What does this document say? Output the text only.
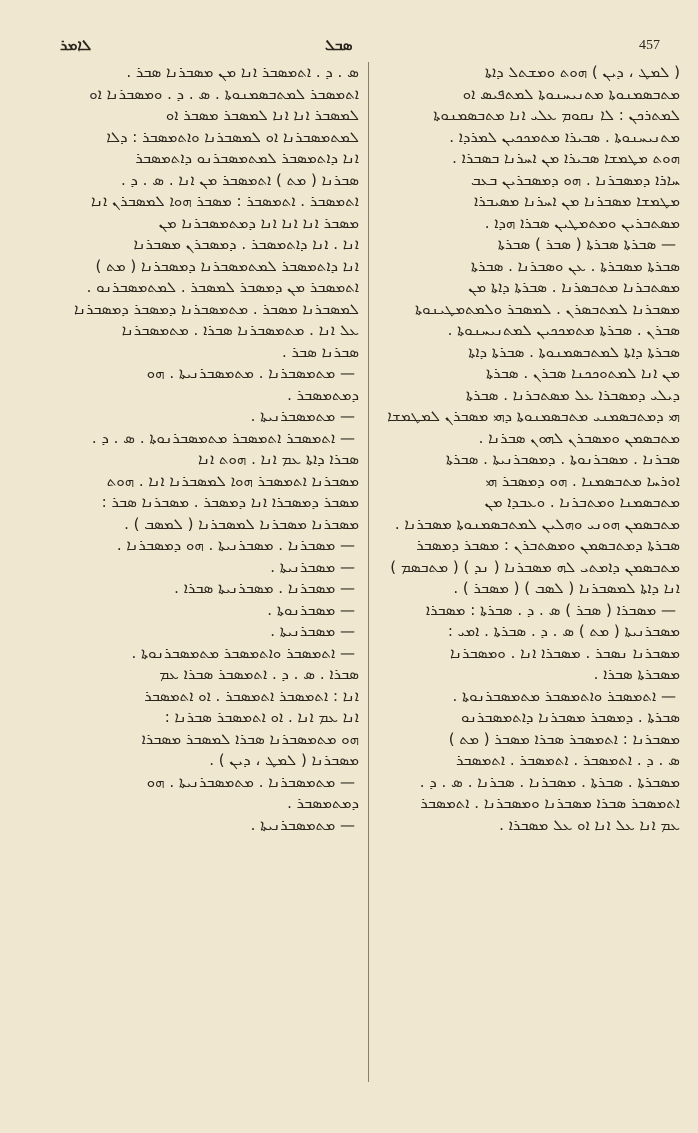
ܠܐܡܪ	ܣܒܠ	457
ܣ . ܕ . ܐܬܡܣܒܪ ܐܢܐ ܡܢ ܡܣܒܪܢܐ ܣܒܪ .
ܐܬܡܣܒܪ ܠܡܬܒܣܡܢܘܬܐ . ܣ . ܕ . ܘܡܣܒܪܢܐ ܐܘ
ܠܡܣܒܪ ܐܢܐ ܐܢܐ ܠܡܣܒܪ ܡܣܒܪ ܐܘ
ܠܡܬܡܣܒܪܢܐ ܐܘ ܠܡܣܒܪܢܐ ܘܐܬܡܣܒܪ : ܕܠܐ
ܐܢܐ ܕܐܬܡܣܒܪ ܠܡܬܡܣܒܪܢܘ ܕܐܬܡܣܒܪ
ܣܒܪܢܐ ( ܡܬ ) ܐܬܡܣܒܪ ܡܢ ܐܢܐ . ܣ . ܕ .
ܐܬܡܣܒܪ . ܐܬܡܣܒܪ : ܡܣܒܪ ܗܘܐ ܠܡܣܒܪܢ ܐܢܐ
ܡܣܒܪ ܐܢܐ ܐܢܐ ܐܢܐ ܕܡܬܡܣܒܪܢܐ ܡܢ
ܐܢܐ . ܐܢܐ ܕܐܬܡܣܒܪ . ܕܡܣܒܪܢ ܡܣܒܪܢܐ
ܐܢܐ ܕܐܬܡܣܒܪ ܠܡܬܡܣܒܪܢܐ ܕܡܣܒܪܢܐ ( ܡܬ )
ܐܬܡܣܒܪ ܡܢ ܕܡܣܒܪ ܠܡܣܒܪ . ܠܡܬܡܣܒܪܢܘ .
ܠܡܣܒܪܢܐ ܡܣܒܪ . ܡܬܡܣܒܪܢܐ ܕܡܣܒܪ ܕܡܣܒܪܢܐ
ܥܠ ܐܢܐ . ܡܬܡܣܒܪܢܐ ܣܒܪܐ . ܡܬܡܣܒܪܢܐ
ܣܒܪܢܐ ܣܒܪ .
— ܡܬܡܣܒܪܢܐ . ܡܬܡܣܒܪܢܝܬܐ . ܗܘ
ܕܡܬܡܣܒܪ .
— ܡܬܡܣܒܪܢܝܬܐ .
— ܐܬܡܣܒܪ ܐܬܡܣܒܪ ܡܬܡܣܒܪܢܘܬܐ . ܣ . ܕ .
ܣܒܪܐ ܕܐܬܐ ܥܡ ܐܢܐ . ܗܘܬ ܐܢܐ
ܡܣܒܪܢܐ ܐܬܡܣܒܪ ܗܘܐ ܠܡܣܒܪܢܐ ܐܢܐ . ܗܘܬ
ܡܣܒܪ ܕܡܣܒܪܐ ܐܢܐ ܕܡܣܒܪ . ܡܣܒܪܢܐ ܣܒܪ :
ܡܣܒܪܢܐ ܡܣܒܪܢܐ ܠܡܣܒܪܢܐ ( ܠܡܣܒ ) .
— ܡܣܒܪܢܐ . ܡܣܒܪܢܝܬܐ . ܗܘ ܕܡܣܒܪܢܐ .
— ܡܣܒܪܢܝܬܐ .
— ܡܣܒܪܢܐ . ܡܣܒܪܢܝܬܐ ܣܒܪܐ .
— ܡܣܒܪܢܘܬܐ .
— ܡܣܒܪܢܝܬܐ .
— ܐܬܡܣܒܪ ܘܐܬܡܣܒܪ ܡܬܡܣܒܪܢܘܬܐ .
ܣܒܪܐ . ܣ . ܕ . ܐܬܡܣܒܪ ܣܒܪܐ ܥܡ
ܐܢܐ : ܐܬܡܣܒܪ ܐܬܡܣܒܪ . ܐܘ ܐܬܡܣܒܪ
ܐܢܐ ܥܡ ܐܢܐ . ܐܘ ܐܬܡܣܒܪ ܣܒܪܢܐ :
ܗܘ ܡܬܡܣܒܪܢܐ ܣܒܪܐ ܠܡܣܒܪ ܡܣܒܪܐ
ܡܣܒܪܢܐ ( ܠܡܛ ، ܕܝܢ ) .
— ܡܬܡܣܒܪܢܐ . ܡܬܡܣܒܪܢܝܬܐ . ܗܘ
ܕܡܬܡܣܒܪ .
— ܡܬܡܣܒܪܢܝܬܐ .
( ܠܡܛ ، ܕܝܢ ) ܗܘܬ ܘܡܫܬܠ ܕܐܬܐ
ܡܬܒܣܡܢܘܬܐ ܡܬܢܝܚܢܘܬܐ ܠܡܬܦܝܣ ܐܘ
ܠܡܬܪܟܢ : ܠܐ ܢܩܘܡ ܥܠܝ ܐܢܐ ܡܬܒܣܡܢܘܬܐ
ܡܬܢܝܚܢܘܬܐ . ܣܒܝܪܐ ܡܬܡܟܟܝܢ ܠܡܪܕܐ .
ܗܘܬ ܡܛܡܫܐ ܣܒܝܪܐ ܡܢ ܐܚܪܢܐ ܒܣܒܪܐ .
ܚܐܪܐ ܕܡܣܒܪܢܐ . ܗܘ ܕܡܣܒܪܝܢ ܒܥܒ
ܡܛܡܫܐ ܡܣܒܪܢܐ ܡܢ ܐܚܪܢܐ ܡܣܝܒܪܐ
ܡܣܬܒܪܝܢ ܘܡܬܡܛܝܢ ܣܒܪܐ ܗܕܐ .
— ܣܒܪܬܐ ܣܒܪܬܐ ( ܣܒܪ ) ܣܒܪܬܐ
ܣܒܪܬܐ ܡܣܒܪܬܐ . ܥܢ ܘܣܒܪܢܐ . ܣܒܪܬܐ
ܡܣܬܒܪܢܐ ܡܬܒܣܪܢܐ . ܣܒܪܬܐ ܕܐܬܐ ܡܢ
ܡܣܒܪܢܐ ܠܡܬܒܣܪܢ . ܠܡܣܒܪ ܘܠܡܬܡܛܝܢܘܬܐ
ܣܒܪܢ . ܣܒܪܬܐ ܡܬܡܟܟܝܢ ܠܡܬܢܝܚܢܘܬܐ .
ܣܒܪܬܐ ܕܐܬܐ ܠܡܬܒܣܡܢܘܬܐ . ܣܒܪܬܐ ܕܐܬܐ
ܡܢ ܐܢܐ ܠܡܬܘܟܟܢܐ ܣܒܪܢ . ܣܒܪܬܐ
ܕܝܠܝ ܕܡܣܒܪܐ ܥܠ ܡܣܬܒܪܢܐ . ܣܒܪܬܐ
ܗܝ ܕܡܬܒܣܡܢܝ ܡܬܒܣܡܢܘܬܐ ܕܗܝ ܡܣܒܪܢ ܠܡܛܡܫܐ
ܡܬܒܣܡܢ ܘܡܣܒܪܢ ܠܗܘܢ ܣܒܪܢܐ .
ܣܒܪܢܐ . ܡܣܒܪܢܘܬܐ . ܕܡܣܒܪܢܝܬܐ . ܣܒܪܬܐ
ܐܘܪܚܐ ܡܬܒܣܡܢܐ . ܗܘ ܕܡܣܒܪ ܗܝ
ܡܬܒܣܡܢܐ ܘܡܬܒܪܢܐ . ܘܥܒܕܐ ܡܢ
ܡܬܒܣܡܢ ܗܘܢܝ ܘܗܠܝܢ ܠܡܬܒܣܡܢܘܬܐ ܡܣܒܪܢܐ .
ܣܒܪܬܐ ܕܡܬܒܣܡܢ ܘܡܣܬܒܪܢ : ܡܣܒܪ ܕܡܣܒܪ
ܡܬܒܣܡܢ ܕܐܡܬܝ ܠܗ ܡܣܒܪܢܐ ( ܢܕ ) ( ܡܬܒܣܡ )
ܐܢܐ ܕܐܬܐ ܠܡܣܒܪܢܐ ( ܠܣܒ ) ( ܡܣܒܪ ) .
— ܡܣܒܪܐ ( ܣܒܪ ) ܣ . ܕ . ܣܒܪܬܐ : ܡܣܒܪܐ
ܡܣܒܪܢܝܬܐ ( ܡܬ ) ܣ . ܕ . ܣܒܪܬܐ . ܐܡܝ :
ܡܣܒܪܢܐ ܢܣܒܪ . ܡܣܒܪܐ ܐܢܐ . ܘܡܣܒܪܢܐ
ܡܣܒܪܬܐ ܣܒܪܐ .
— ܐܬܡܣܒܪ ܘܐܬܡܣܒܪ ܡܬܡܣܒܪܢܘܬܐ .
ܣܒܪܬܐ . ܕܡܣܒܪ ܡܣܒܪܢܐ ܕܐܬܡܣܒܪܢܘ
ܡܣܒܪܢܐ : ܐܬܡܣܒܪ ܣܒܪܐ ܡܣܒܪ ( ܡܬ )
ܣ . ܕ . ܐܬܡܣܒܪ . ܐܬܡܣܒܪ . ܐܬܡܣܒܪ
ܡܣܒܪܬܐ . ܣܒܪܬܐ . ܡܣܒܪܢܐ . ܣܒܪܢܐ . ܣ . ܕ .
ܐܬܡܣܒܪ ܣܒܪܐ ܡܣܒܪܢܐ ܘܡܣܒܪܢܐ . ܐܬܡܣܒܪ
ܥܡ ܐܢܐ ܥܠ ܐܢܐ ܐܘ ܥܠ ܡܣܒܪܐ .
